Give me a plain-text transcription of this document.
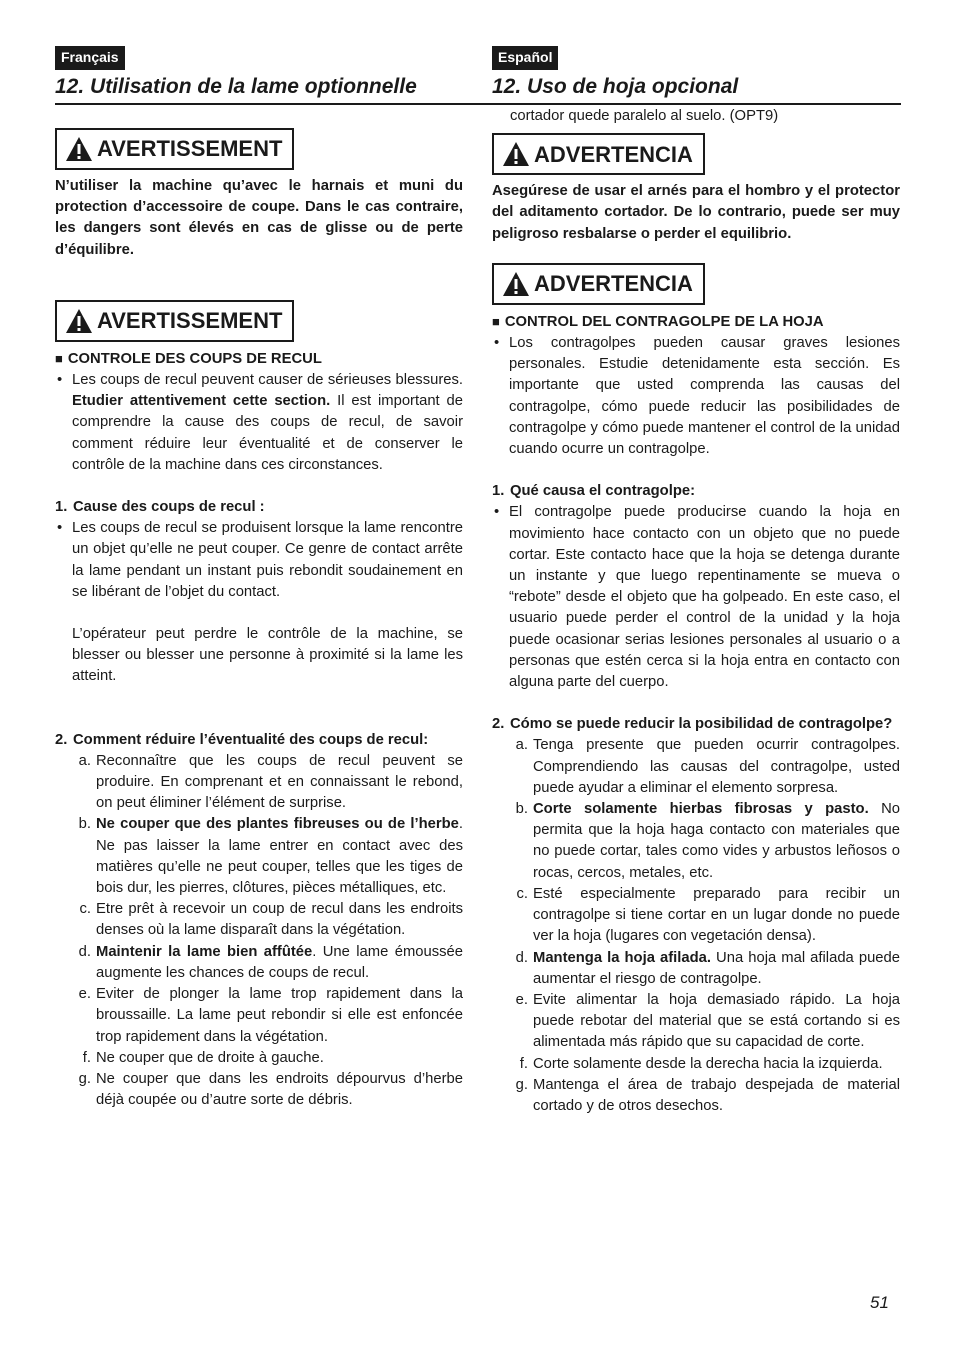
Français
12. Utilisation de la lame optionnelle
AVERTISSEMENT

N’utiliser la machine qu’avec le harnais et muni du protection d’accessoire de coupe. Dans le cas contraire, les dangers sont élevés en cas de glisse ou de perte d’équilibre.

AVERTISSEMENT

■ CONTROLE DES COUPS DE RECUL

• Les coups de recul peuvent causer de sérieuses blessures. Etudier attentivement cette section. Il est important de comprendre la cause des coups de recul, de savoir comment réduire leur éventualité et de conserver le contrôle de la machine dans ces circonstances.

1. Cause des coups de recul :

• Les coups de recul se produisent lorsque la lame rencontre un objet qu’elle ne peut couper. Ce genre de contact arrête la lame pendant un instant puis rebondit soudainement en se libérant de l’objet du contact.

L’opérateur peut perdre le contrôle de la machine, se blesser ou blesser une personne à proximité si la lame les atteint.

2. Comment réduire l’éventualité des coups de recul:

a. Reconnaître que les coups de recul peuvent se produire. En comprenant et en connaissant le rebond, on peut éliminer l’élément de surprise.

b. Ne couper que des plantes fibreuses ou de l’herbe. Ne pas laisser la lame entrer en contact avec des matières qu’elle ne peut couper, telles que les tiges de bois dur, les pierres, clôtures, pièces métalliques, etc.

c. Etre prêt à recevoir un coup de recul dans les endroits denses où la lame disparaît dans la végétation.

d. Maintenir la lame bien affûtée. Une lame émoussée augmente les chances de coups de recul.

e. Eviter de plonger la lame trop rapidement dans la broussaille. La lame peut rebondir si elle est enfoncée trop rapidement dans la végétation.

f. Ne couper que de droite à gauche.

g. Ne couper que dans les endroits dépourvus d’herbe déjà coupée ou d’autre sorte de débris.

Español
12. Uso de hoja opcional

cortador quede paralelo al suelo. (OPT9)

ADVERTENCIA

Asegúrese de usar el arnés para el hombro y el protector del aditamento cortador. De lo contrario, puede ser muy peligroso resbalarse o perder el equilibrio.

ADVERTENCIA

■ CONTROL DEL CONTRAGOLPE DE LA HOJA

• Los contragolpes pueden causar graves lesiones personales. Estudie detenidamente esta sección. Es importante que usted comprenda las causas del contragolpe, cómo puede reducir las posibilidades de contragolpe y cómo puede mantener el control de la unidad cuando ocurre un contragolpe.

1. Qué causa el contragolpe:

• El contragolpe puede producirse cuando la hoja en movimiento hace contacto con un objeto que no puede cortar. Este contacto hace que la hoja se detenga durante un instante y que luego repentinamente se mueva o “rebote” desde el objeto que ha golpeado. En este caso, el usuario puede perder el control de la unidad y la hoja puede ocasionar serias lesiones personales al usuario o a personas que estén cerca si la hoja entra en contacto con alguna parte del cuerpo.

2. Cómo se puede reducir la posibilidad de contragolpe?

a. Tenga presente que pueden ocurrir contragolpes. Comprendiendo las causas del contragolpe, usted puede ayudar a eliminar el elemento sorpresa.

b. Corte solamente hierbas fibrosas y pasto. No permita que la hoja haga contacto con materiales que no puede cortar, tales como vides y arbustos leñosos o rocas, cercos, metales, etc.

c. Esté especialmente preparado para recibir un contragolpe si tiene cortar en un lugar donde no puede ver la hoja (lugares con vegetación densa).

d. Mantenga la hoja afilada. Una hoja mal afilada puede aumentar el riesgo de contragolpe.

e. Evite alimentar la hoja demasiado rápido. La hoja puede rebotar del material que se está cortando si es alimentada más rápido que su capacidad de corte.

f. Corte solamente desde la derecha hacia la izquierda.

g. Mantenga el área de trabajo despejada de material cortado y de otros desechos.

51
